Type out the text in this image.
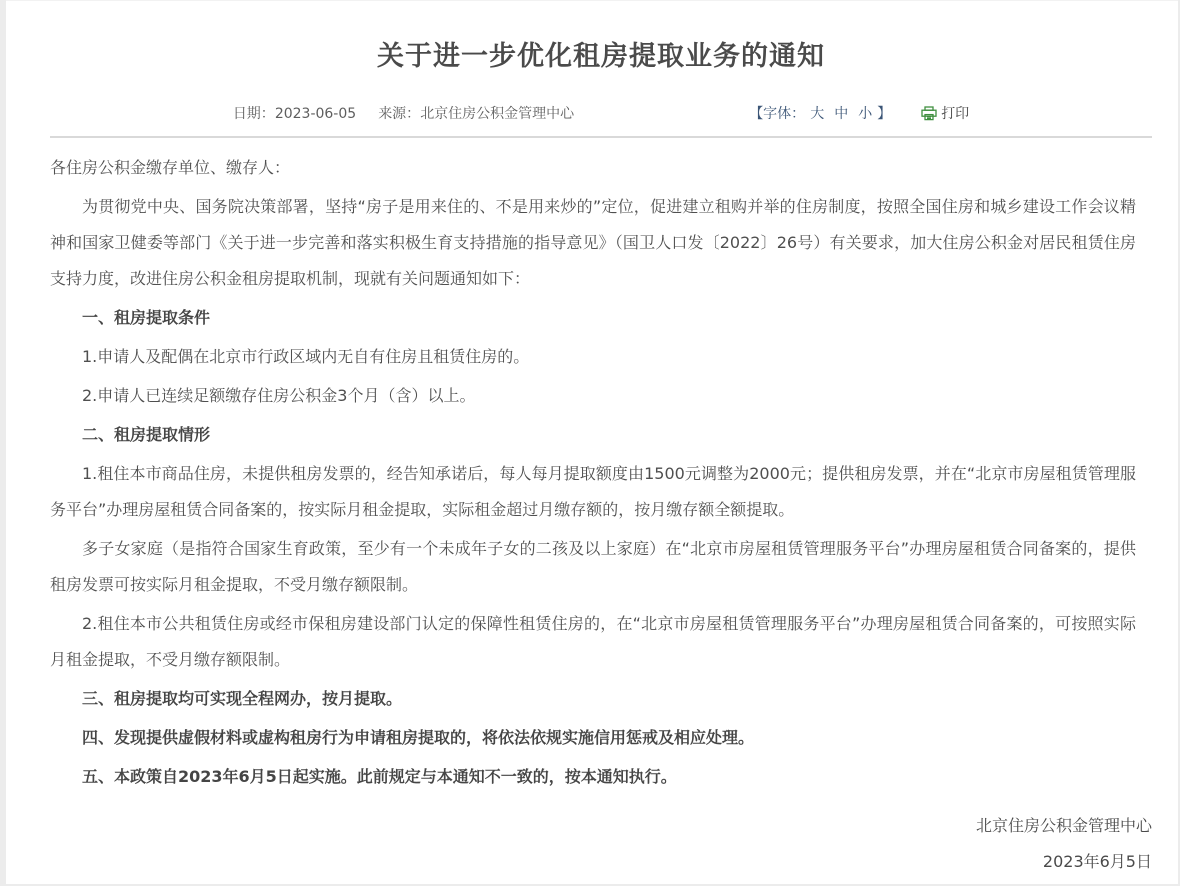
关于进一步优化租房提取业务的通知
日期：2023-06-05 来源：北京住房公积金管理中心	【字体： 大 中 小 】	打印

各住房公积金缴存单位、缴存人：

为贯彻党中央、国务院决策部署，坚持“房子是用来住的、不是用来炒的”定位，促进建立租购并举的住房制度，按照全国住房和城乡建设工作会议精神和国家卫健委等部门《关于进一步完善和落实积极生育支持措施的指导意见》（国卫人口发〔2022〕26号）有关要求，加大住房公积金对居民租赁住房支持力度，改进住房公积金租房提取机制，现就有关问题通知如下：

一、租房提取条件

1.申请人及配偶在北京市行政区域内无自有住房且租赁住房的。

2.申请人已连续足额缴存住房公积金3个月（含）以上。

二、租房提取情形

1.租住本市商品住房，未提供租房发票的，经告知承诺后，每人每月提取额度由1500元调整为2000元；提供租房发票，并在“北京市房屋租赁管理服务平台”办理房屋租赁合同备案的，按实际月租金提取，实际租金超过月缴存额的，按月缴存额全额提取。

多子女家庭（是指符合国家生育政策，至少有一个未成年子女的二孩及以上家庭）在“北京市房屋租赁管理服务平台”办理房屋租赁合同备案的，提供租房发票可按实际月租金提取，不受月缴存额限制。

2.租住本市公共租赁住房或经市保租房建设部门认定的保障性租赁住房的，在“北京市房屋租赁管理服务平台”办理房屋租赁合同备案的，可按照实际月租金提取，不受月缴存额限制。

三、租房提取均可实现全程网办，按月提取。

四、发现提供虚假材料或虚构租房行为申请租房提取的，将依法依规实施信用惩戒及相应处理。

五、本政策自2023年6月5日起实施。此前规定与本通知不一致的，按本通知执行。

北京住房公积金管理中心
2023年6月5日
